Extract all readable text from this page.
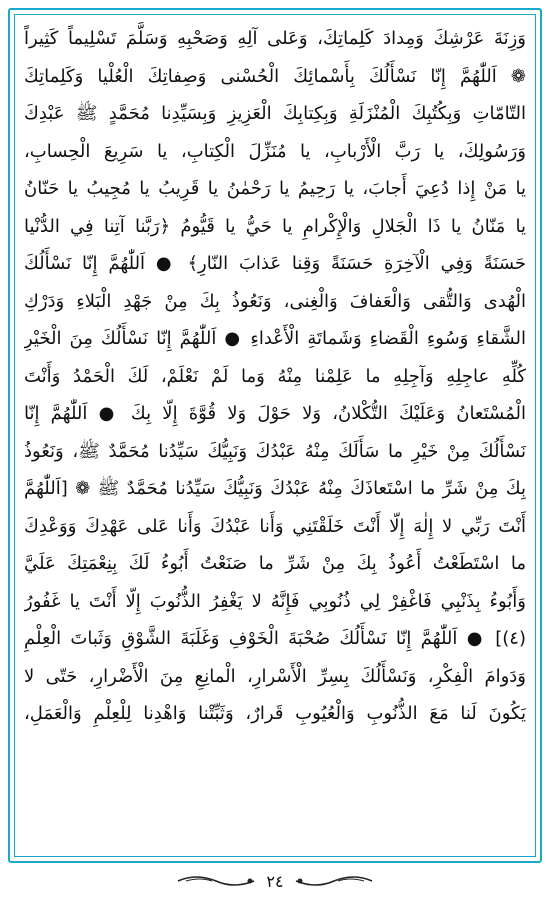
وَزِنَةَ عَرْشِكَ وَمِدادَ كَلِماتِكَ، وَعَلى آلِهِ وَصَحْبِهِ وَسَلَّمَ تَسْلِيماً كَثِيراً
❁ اَللّٰهُمَّ إِنّا نَسْأَلُكَ بِأَسْمائِكَ الْحُسْنى وَصِفاتِكَ الْعُلْيا وَكَلِماتِكَ
التّامّاتِ وَبِكُتُبِكَ الْمُنْزَلَةِ وَبِكِتابِكَ الْعَزِيزِ وَبِسَيِّدِنا مُحَمَّدٍ ﷺ عَبْدِكَ
وَرَسُولِكَ، يا رَبَّ الْأَرْبابِ، يا مُنَزِّلَ الْكِتابِ، يا سَرِيعَ الْحِسابِ،
يا مَنْ إِذا دُعِيَ أَجابَ، يا رَحِيمُ يا رَحْمٰنُ يا قَرِيبُ يا مُجِيبُ يا حَنّانُ
يا مَنّانُ يا ذَا الْجَلالِ وَالْإِكْرامِ يا حَيُّ يا قَيُّومُ ﴿رَبَّنا آتِنا فِي الدُّنْيا
حَسَنَةً وَفِي الْآخِرَةِ حَسَنَةً وَقِنا عَذابَ النّارِ﴾ ● اَللّٰهُمَّ إِنّا نَسْأَلُكَ
الْهُدى وَالتُّقى وَالْعَفافَ وَالْغِنى، وَنَعُوذُ بِكَ مِنْ جَهْدِ الْبَلاءِ وَدَرْكِ
الشَّقاءِ وَسُوءِ الْقَضاءِ وَشَماتَةِ الْأَعْداءِ ● اَللّٰهُمَّ إِنّا نَسْأَلُكَ مِنَ الْخَيْرِ
كُلِّهِ عاجِلِهِ وَآجِلِهِ ما عَلِمْنا مِنْهُ وَما لَمْ نَعْلَمْ، لَكَ الْحَمْدُ وَأَنْتَ
الْمُسْتَعانُ وَعَلَيْكَ التُّكْلانُ، وَلا حَوْلَ وَلا قُوَّةَ إِلّا بِكَ ● اَللّٰهُمَّ إِنّا
نَسْأَلُكَ مِنْ خَيْرِ ما سَأَلَكَ مِنْهُ عَبْدُكَ وَنَبِيُّكَ سَيِّدُنا مُحَمَّدٌ ﷺ، وَنَعُوذُ
بِكَ مِنْ شَرِّ ما اسْتَعاذَكَ مِنْهُ عَبْدُكَ وَنَبِيُّكَ سَيِّدُنا مُحَمَّدٌ ﷺ ❁ [اَللّٰهُمَّ
أَنْتَ رَبِّي لا إِلٰهَ إِلّا أَنْتَ خَلَقْتَنِي وَأَنا عَبْدُكَ وَأَنا عَلى عَهْدِكَ وَوَعْدِكَ
ما اسْتَطَعْتُ أَعُوذُ بِكَ مِنْ شَرِّ ما صَنَعْتُ أَبُوءُ لَكَ بِنِعْمَتِكَ عَلَيَّ
وَأَبُوءُ بِذَنْبِي فَاغْفِرْ لِي ذُنُوبِي فَإِنَّهُ لا يَغْفِرُ الذُّنُوبَ إِلّا أَنْتَ يا غَفُورُ
(٤)] ● اَللّٰهُمَّ إِنّا نَسْأَلُكَ صُحْبَةَ الْخَوْفِ وَغَلَبَةَ الشَّوْقِ وَثَباتَ الْعِلْمِ
وَدَوامَ الْفِكْرِ، وَنَسْأَلُكَ بِسِرِّ الْأَسْرارِ، الْمانِعِ مِنَ الْأَضْرارِ، حَتّى لا
يَكُونَ لَنا مَعَ الذُّنُوبِ وَالْعُيُوبِ قَرارٌ، وَثَبِّتْنا وَاهْدِنا لِلْعِلْمِ وَالْعَمَلِ،
٢٤
